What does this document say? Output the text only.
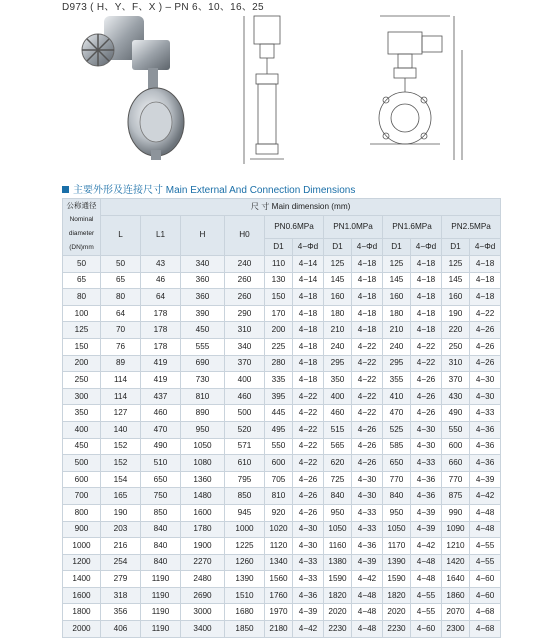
D973 ( H、Y、F、X ) – PN 6、10、16、25
主要外形及连接尺寸 Main External And Connection Dimensions
公称通径
Nominal
diameter
(DN)mm	尺 寸 Main dimension (mm)											
	L	L1	H	H0	PN0.6MPa		PN1.0MPa		PN1.6MPa		PN2.5MPa	
					D1	4−Φd	D1	4−Φd	D1	4−Φd	D1	4−Φd
50	50	43	340	240	110	4−14	125	4−18	125	4−18	125	4−18
65	65	46	360	260	130	4−14	145	4−18	145	4−18	145	4−18
80	80	64	360	260	150	4−18	160	4−18	160	4−18	160	4−18
100	64	178	390	290	170	4−18	180	4−18	180	4−18	190	4−22
125	70	178	450	310	200	4−18	210	4−18	210	4−18	220	4−26
150	76	178	555	340	225	4−18	240	4−22	240	4−22	250	4−26
200	89	419	690	370	280	4−18	295	4−22	295	4−22	310	4−26
250	114	419	730	400	335	4−18	350	4−22	355	4−26	370	4−30
300	114	437	810	460	395	4−22	400	4−22	410	4−26	430	4−30
350	127	460	890	500	445	4−22	460	4−22	470	4−26	490	4−33
400	140	470	950	520	495	4−22	515	4−26	525	4−30	550	4−36
450	152	490	1050	571	550	4−22	565	4−26	585	4−30	600	4−36
500	152	510	1080	610	600	4−22	620	4−26	650	4−33	660	4−36
600	154	650	1360	795	705	4−26	725	4−30	770	4−36	770	4−39
700	165	750	1480	850	810	4−26	840	4−30	840	4−36	875	4−42
800	190	850	1600	945	920	4−26	950	4−33	950	4−39	990	4−48
900	203	840	1780	1000	1020	4−30	1050	4−33	1050	4−39	1090	4−48
1000	216	840	1900	1225	1120	4−30	1160	4−36	1170	4−42	1210	4−55
1200	254	840	2270	1260	1340	4−33	1380	4−39	1390	4−48	1420	4−55
1400	279	1190	2480	1390	1560	4−33	1590	4−42	1590	4−48	1640	4−60
1600	318	1190	2690	1510	1760	4−36	1820	4−48	1820	4−55	1860	4−60
1800	356	1190	3000	1680	1970	4−39	2020	4−48	2020	4−55	2070	4−68
2000	406	1190	3400	1850	2180	4−42	2230	4−48	2230	4−60	2300	4−68
